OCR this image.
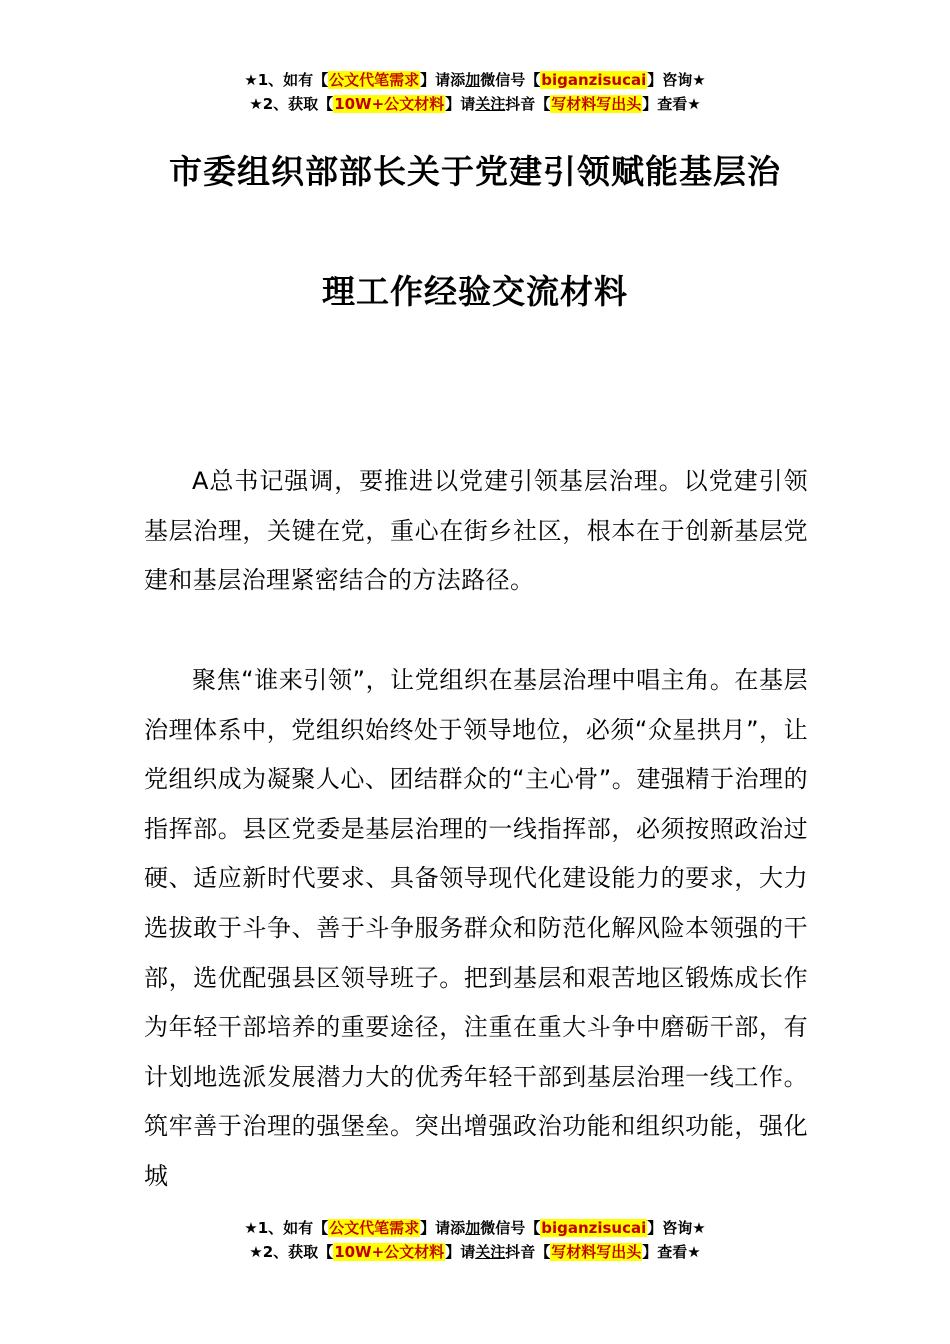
★1、如有【公文代笔需求】请添加微信号【biganzisucai】咨询★
★2、获取【10W+公文材料】请关注抖音【写材料写出头】查看★
市委组织部部长关于党建引领赋能基层治
理工作经验交流材料

A总书记强调，要推进以党建引领基层治理。以党建引领基层治理，关键在党，重心在街乡社区，根本在于创新基层党建和基层治理紧密结合的方法路径。

聚焦“谁来引领”，让党组织在基层治理中唱主角。在基层治理体系中，党组织始终处于领导地位，必须“众星拱月”，让党组织成为凝聚人心、团结群众的“主心骨”。建强精于治理的指挥部。县区党委是基层治理的一线指挥部，必须按照政治过硬、适应新时代要求、具备领导现代化建设能力的要求，大力选拔敢于斗争、善于斗争服务群众和防范化解风险本领强的干部，选优配强县区领导班子。把到基层和艰苦地区锻炼成长作为年轻干部培养的重要途径，注重在重大斗争中磨砺干部，有计划地选派发展潜力大的优秀年轻干部到基层治理一线工作。筑牢善于治理的强堡垒。突出增强政治功能和组织功能，强化城

★1、如有【公文代笔需求】请添加微信号【biganzisucai】咨询★
★2、获取【10W+公文材料】请关注抖音【写材料写出头】查看★
